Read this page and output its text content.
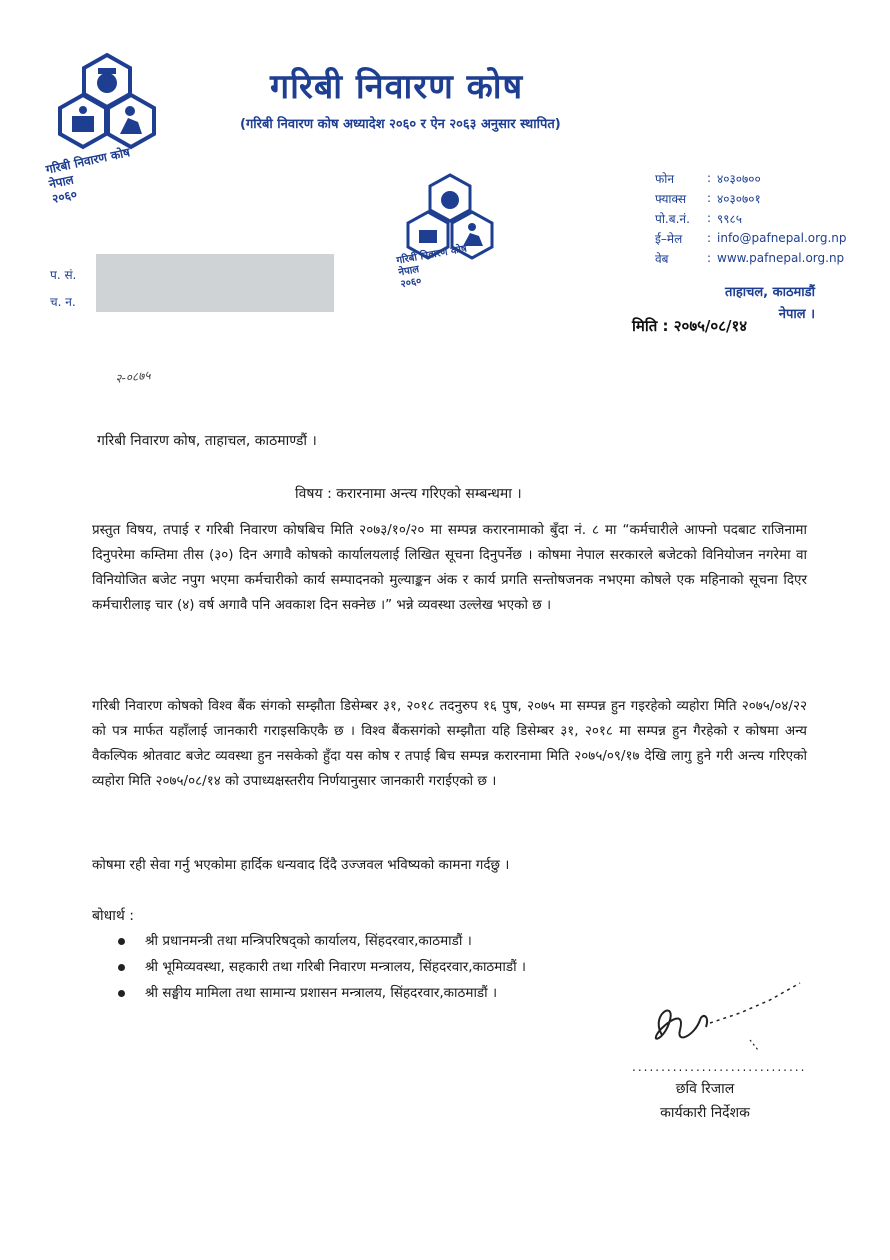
गरिबी निवारण कोष
नेपाल
२०६०
गरिबी निवारण कोष
नेपाल
२०६०
गरिबी निवारण कोष
(गरिबी निवारण कोष अध्यादेश २०६० र ऐन २०६३ अनुसार स्थापित)
फोन	: ४०३०७००
फ्याक्स	: ४०३०७०१
पो.ब.नं.	: ९९८५
ई–मेल	: info@pafnepal.org.np
वेब	: www.pafnepal.org.np
ताहाचल, काठमाडौं
नेपाल ।
प. सं.
च. न.
मिति : २०७५/०८/१४
२-०८७५
गरिबी निवारण कोष, ताहाचल, काठमाण्डौं ।
विषय : करारनामा अन्त्य गरिएको सम्बन्धमा ।
प्रस्तुत विषय, तपाई र गरिबी निवारण कोषबिच मिति २०७३/१०/२० मा सम्पन्न करारनामाको बुँदा नं. ८ मा “कर्मचारीले आफ्नो पदबाट राजिनामा दिनुपरेमा कम्तिमा तीस (३०) दिन अगावै कोषको कार्यालयलाई लिखित सूचना दिनुपर्नेछ । कोषमा नेपाल सरकारले बजेटको विनियोजन नगरेमा वा विनियोजित बजेट नपुग भएमा कर्मचारीको कार्य सम्पादनको मुल्याङ्कन अंक र कार्य प्रगति सन्तोषजनक नभएमा कोषले एक महिनाको सूचना दिएर कर्मचारीलाइ चार (४) वर्ष अगावै पनि अवकाश दिन सक्नेछ ।” भन्ने व्यवस्था उल्लेख भएको छ ।
गरिबी निवारण कोषको विश्व बैंक संगको सम्झौता डिसेम्बर ३१, २०१८ तदनुरुप १६ पुष, २०७५ मा सम्पन्न हुन गइरहेको व्यहोरा मिति २०७५/०४/२२ को पत्र मार्फत यहाँलाई जानकारी गराइसकिएकै छ । विश्व बैंकसगंको सम्झौता यहि डिसेम्बर ३१, २०१८ मा सम्पन्न हुन गैरहेको र कोषमा अन्य वैकल्पिक श्रोतवाट बजेट व्यवस्था हुन नसकेको हुँदा यस कोष र तपाई बिच सम्पन्न करारनामा मिति २०७५/०९/१७ देखि लागु हुने गरी अन्त्य गरिएको व्यहोरा मिति २०७५/०८/१४ को उपाध्यक्षस्तरीय निर्णयानुसार जानकारी गराईएको छ ।
कोषमा रही सेवा गर्नु भएकोमा हार्दिक धन्यवाद दिंदै उज्जवल भविष्यको कामना गर्दछु ।
बोधार्थ :
श्री प्रधानमन्त्री तथा मन्त्रिपरिषद्को कार्यालय, सिंहदरवार,काठमाडौं ।
श्री भूमिव्यवस्था, सहकारी तथा गरिबी निवारण मन्त्रालय, सिंहदरवार,काठमाडौं ।
श्री सङ्घीय मामिला तथा सामान्य प्रशासन मन्त्रालय, सिंहदरवार,काठमाडौं ।
..............................
छवि रिजाल
कार्यकारी निर्देशक
